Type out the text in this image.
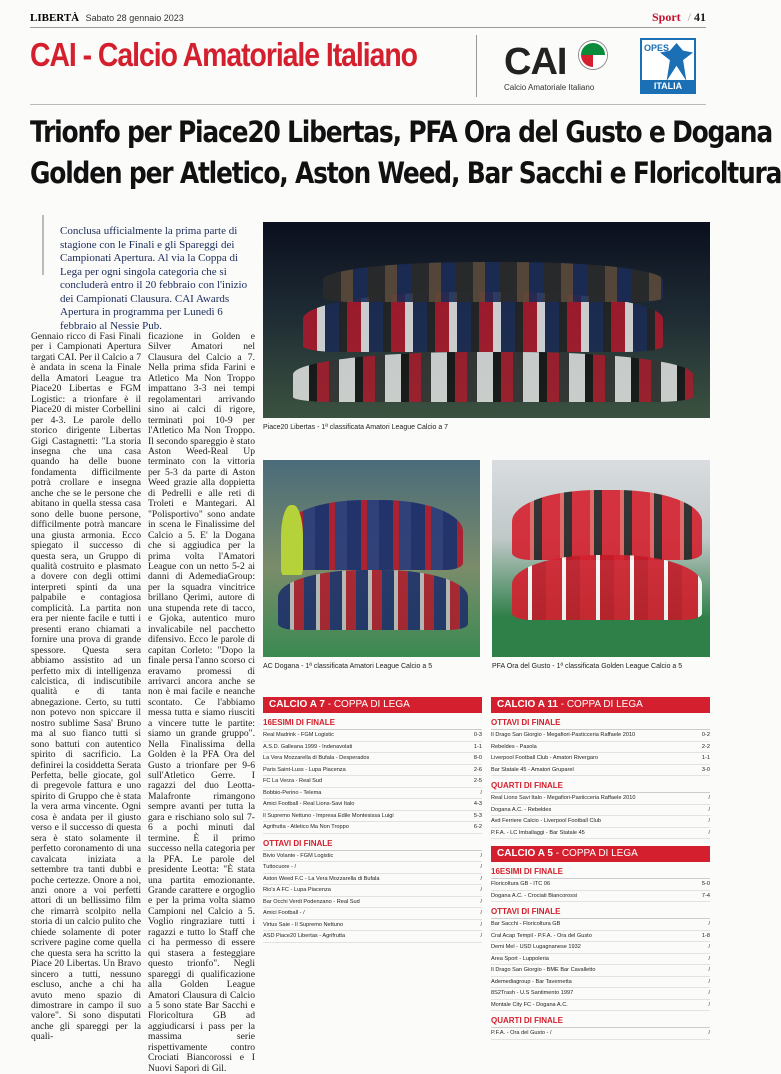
LIBERTÀ Sabato 28 gennaio 2023	Sport / 41
CAI - Calcio Amatoriale Italiano CAI
Calcio Amatoriale Italiano
OPES
ITALIA
Trionfo per Piace20 Libertas, PFA Ora del Gusto e Dogana
Golden per Atletico, Aston Weed, Bar Sacchi e Floricoltura
Conclusa ufficialmente la prima parte di stagione con le Finali e gli Spareggi dei Campionati Apertura. Al via la Coppa di Lega per ogni singola categoria che si concluderà entro il 20 febbraio con l'inizio dei Campionati Clausura. CAI Awards Apertura in programma per Lunedì 6 febbraio al Nessie Pub.
Piace20 Libertas - 1ª classificata Amatori League Calcio a 7
AC Dogana - 1ª classificata Amatori League Calcio a 5	PFA Ora del Gusto - 1ª classificata Golden League Calcio a 5
Gennaio ricco di Fasi Finali per i Campionati Apertura targati CAI. Per il Calcio a 7 è andata in scena la Finale della Amatori League tra Piace20 Libertas e FGM Logistic: a trionfare è il Piace20 di mister Corbellini per 4-3. Le parole dello storico dirigente Libertas Gigi Castagnetti: "La storia insegna che una casa quando ha delle buone fondamenta difficilmente potrà crollare e insegna anche che se le persone che abitano in quella stessa casa sono delle buone persone, difficilmente potrà mancare una giusta armonia. Ecco spiegato il successo di questa sera, un Gruppo di qualità costruito e plasmato a dovere con degli ottimi interpreti spinti da una palpabile e contagiosa complicità. La partita non era per niente facile e tutti i presenti erano chiamati a fornire una prova di grande spessore. Questa sera abbiamo assistito ad un perfetto mix di intelligenza calcistica, di indiscutibile qualità e di tanta abnegazione. Certo, su tutti non potevo non spiccare il nostro sublime Sasa' Bruno ma al suo fianco tutti si sono battuti con autentico spirito di sacrificio. La definirei la cosiddetta Serata Perfetta, belle giocate, gol di pregevole fattura e uno spirito di Gruppo che è stata la vera arma vincente. Ogni cosa è andata per il giusto verso e il successo di questa sera è stato solamente il perfetto coronamento di una cavalcata iniziata a settembre tra tanti dubbi e poche certezze. Onore a noi, anzi onore a voi perfetti attori di un bellissimo film che rimarrà scolpito nella storia di un calcio pulito che chiede solamente di poter scrivere pagine come quella che questa sera ha scritto la Piace 20 Libertas. Un Bravo sincero a tutti, nessuno escluso, anche a chi ha avuto meno spazio di dimostrare in campo il suo valore". Si sono disputati anche gli spareggi per la quali-
ficazione in Golden e Silver Amatori nel Clausura del Calcio a 7. Nella prima sfida Farini e Atletico Ma Non Troppo impattano 3-3 nei tempi regolamentari arrivando sino ai calci di rigore, terminati poi 10-9 per l'Atletico Ma Non Troppo. Il secondo spareggio è stato Aston Weed-Real Up terminato con la vittoria per 5-3 da parte di Aston Weed grazie alla doppietta di Pedrelli e alle reti di Troleti e Mantegari. Al "Polisportivo" sono andate in scena le Finalissime del Calcio a 5. E' la Dogana che si aggiudica per la prima volta l'Amatori League con un netto 5-2 ai danni di AdemediaGroup: per la squadra vincitrice brillano Qerimi, autore di una stupenda rete di tacco, e Gjoka, autentico muro invalicabile nel pacchetto difensivo. Ecco le parole di capitan Corleto: "Dopo la finale persa l'anno scorso ci eravamo promessi di arrivarci ancora anche se non è mai facile e neanche scontato. Ce l'abbiamo messa tutta e siamo riusciti a vincere tutte le partite: siamo un grande gruppo". Nella Finalissima della Golden è la PFA Ora del Gusto a trionfare per 9-6 sull'Atletico Gerre. I ragazzi del duo Leotta-Malafronte rimangono sempre avanti per tutta la gara e rischiano solo sul 7-6 a pochi minuti dal termine. È il primo successo nella categoria per la PFA. Le parole del presidente Leotta: "È stata una partita emozionante. Grande carattere e orgoglio e per la prima volta siamo Campioni nel Calcio a 5. Voglio ringraziare tutti i ragazzi e tutto lo Staff che ci ha permesso di essere qui stasera a festeggiare questo trionfo". Negli spareggi di qualificazione alla Golden League Amatori Clausura di Calcio a 5 sono state Bar Sacchi e Floricoltura GB ad aggiudicarsi i pass per la massima serie rispettivamente contro Crociati Biancorossi e I Nuovi Sapori di Gil.
CALCIO A 7 - COPPA DI LEGA
16ESIMI DI FINALE
Real Madrink - FGM Logistic	0-3
A.S.D. Galleana 1999 - Indenavolati	1-1
La Vera Mozzarella di Bufala - Desperados	8-0
Paris Saint-Luss - Lupa Piacenza	2-6
FC La Verza - Real Sud	2-5
Bobbio-Perino - Telema	/
Amici Football - Real Lions-Savi Italo	4-3
Il Supremo Nettuno - Impresa Edile Montesissa Luigi	5-3
Agrifrutta - Atletico Ma Non Troppo	6-2
OTTAVI DI FINALE
Bivio Volante - FGM Logistic	/
Tuttocuore - /	/
Aston Weed F.C - La Vera Mozzarella di Bufala	/
Rio's A FC - Lupa Piacenza	/
Bar Occhi Verdi Podenzano - Real Sud	/
Amici Football - /	/
Virtus Saie - Il Supremo Nettuno	/
ASD Piace20 Libertas - Agrifrutta	/
CALCIO A 11 - COPPA DI LEGA
OTTAVI DI FINALE
Il Drago San Giorgio - Megafiori-Pasticceria Raffaele 2010	0-2
Rebeldes - Pasola	2-2
Liverpool Football Club - Amatori Rivergaro	1-1
Bar Statale 45 - Amatori Gruparel	3-0
QUARTI DI FINALE
Real Lions Savi Italo - Megafiori-Pasticceria Raffaele 2010	/
Dogana A.C. - Rebeldes	/
Avd Ferriere Calcio - Liverpool Football Club	/
P.F.A. - LC Imballaggi - Bar Statale 45	/
CALCIO A 5 - COPPA DI LEGA
16ESIMI DI FINALE
Floricoltura GB - ITC 06	5-0
Dogana A.C. - Crociati Biancorossi	7-4
OTTAVI DI FINALE
Bar Sacchi - Floricoltura GB	/
Cral Acap Tempil - P.F.A. - Ora del Gusto	1-8
Demi Mel - USD Lugagnanese 1932	/
Area Sport - Luppoleria	/
Il Drago San Giorgio - BME Bar Cavalletto	/
Ademediagroup - Bar Tavernetta	/
8S2Trash - U.S Santimento 1997	/
Montale City FC - Dogana A.C.	/
QUARTI DI FINALE
P.F.A. - Ora del Gusto - /	/
